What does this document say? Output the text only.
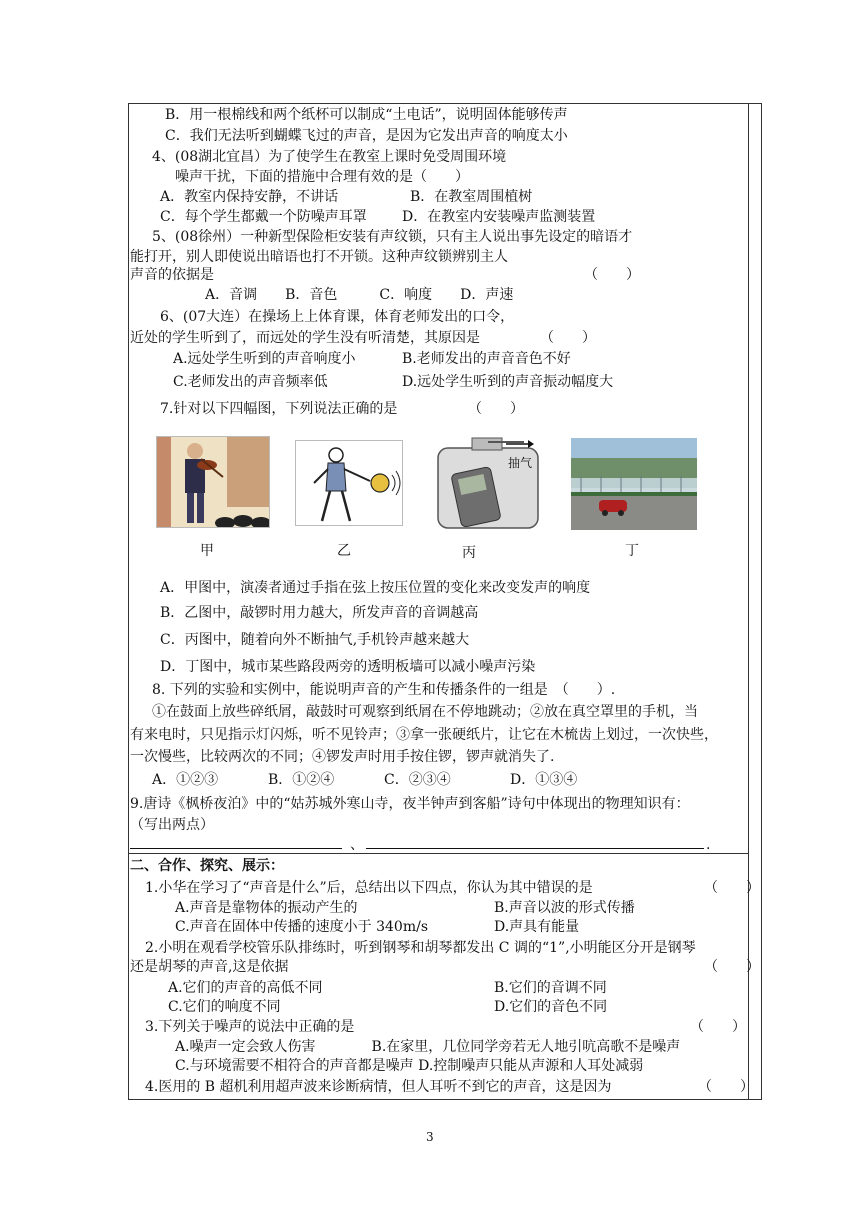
B．用一根棉线和两个纸杯可以制成“土电话”，说明固体能够传声
C．我们无法听到蝴蝶飞过的声音，是因为它发出声音的响度太小
4、(08湖北宜昌）为了使学生在教室上课时免受周围环境
噪声干扰，下面的措施中合理有效的是（　　）
A．教室内保持安静，不讲话	B．在教室周围植树
C．每个学生都戴一个防噪声耳罩	D．在教室内安装噪声监测装置
5、(08徐州）一种新型保险柜安装有声纹锁，只有主人说出事先设定的暗语才
能打开，别人即使说出暗语也打不开锁。这种声纹锁辨别主人
声音的依据是	（　　）
A．音调　　B．音色　　　C．响度　　D．声速
6、(07大连）在操场上上体育课，体育老师发出的口令，
近处的学生听到了，而远处的学生没有听清楚，其原因是	（　　）
A.远处学生听到的声音响度小	B.老师发出的声音音色不好
C.老师发出的声音频率低	D.远处学生听到的声音振动幅度大
7.针对以下四幅图，下列说法正确的是	（　　）
甲	乙
抽气
丙	丁
A．甲图中，演凑者通过手指在弦上按压位置的变化来改变发声的响度
B．乙图中，敲锣时用力越大，所发声音的音调越高
C．丙图中，随着向外不断抽气,手机铃声越来越大
D．丁图中，城市某些路段两旁的透明板墙可以减小噪声污染
8. 下列的实验和实例中，能说明声音的产生和传播条件的一组是　（　　）.
①在鼓面上放些碎纸屑，敲鼓时可观察到纸屑在不停地跳动；②放在真空罩里的手机，当
有来电时，只见指示灯闪烁，听不见铃声；③拿一张硬纸片，让它在木梳齿上划过，一次快些，
一次慢些，比较两次的不同；④锣发声时用手按住锣，锣声就消失了.
A．①②③	B．①②④	C．②③④	D．①③④
9.唐诗《枫桥夜泊》中的“姑苏城外寒山寺，夜半钟声到客船”诗句中体现出的物理知识有：
（写出两点）
、	.
二、合作、探究、展示：
1.小华在学习了“声音是什么”后，总结出以下四点，你认为其中错误的是	（　　）
A.声音是靠物体的振动产生的	B.声音以波的形式传播
C.声音在固体中传播的速度小于 340m/s	D.声具有能量
2.小明在观看学校管乐队排练时，听到钢琴和胡琴都发出 C 调的“1”,小明能区分开是钢琴
还是胡琴的声音,这是依据	（　　）
A.它们的声音的高低不同	B.它们的音调不同
C.它们的响度不同	D.它们的音色不同
3.下列关于噪声的说法中正确的是	（　　）
A.噪声一定会致人伤害　　　　B.在家里，几位同学旁若无人地引吭高歌不是噪声
C.与环境需要不相符合的声音都是噪声 D.控制噪声只能从声源和人耳处减弱
4.医用的 B 超机利用超声波来诊断病情，但人耳听不到它的声音，这是因为	（　　）
3
